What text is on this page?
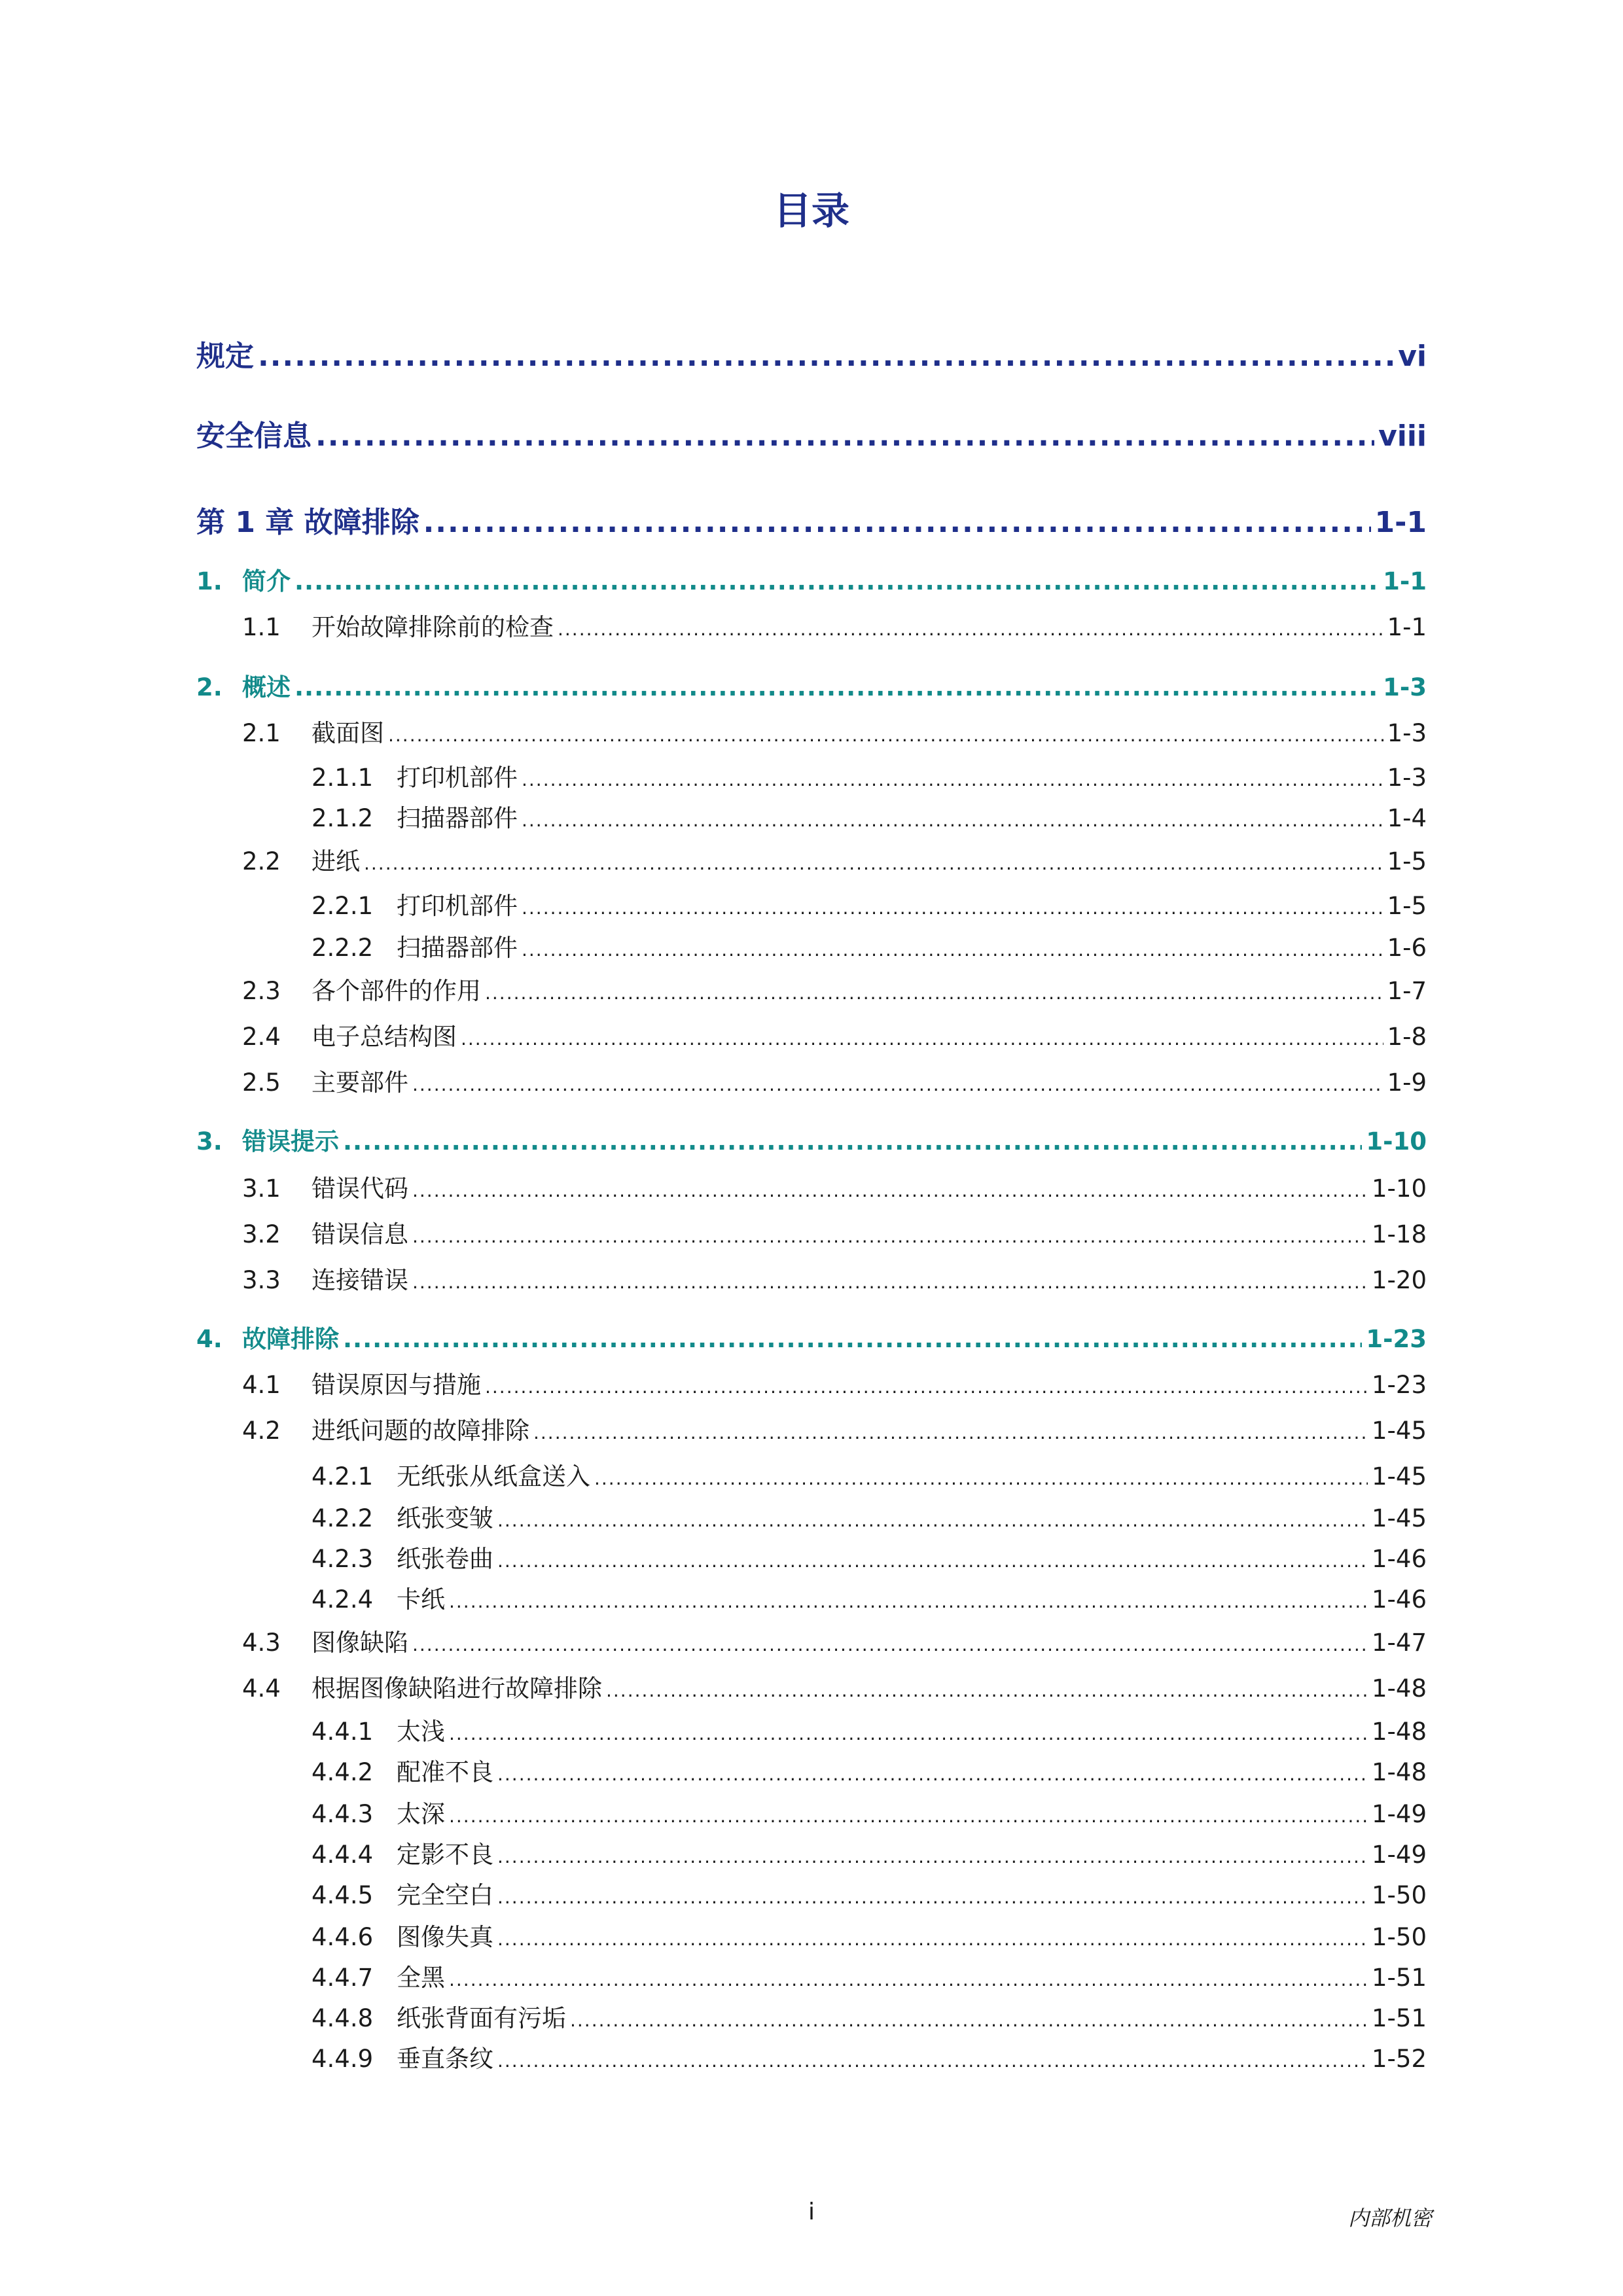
目录
规定 .....	vi
安全信息 .....	viii
第 1 章 故障排除 .....	1-1
1. 简介 .....	1-1
1.1	开始故障排除前的检查 .....	1-1
2. 概述 .....	1-3
2.1	截面图 .....	1-3
2.1.1 打印机部件 .....	1-3
2.1.2 扫描器部件 .....	1-4
2.2	进纸 .....	1-5
2.2.1 打印机部件 .....	1-5
2.2.2 扫描器部件 .....	1-6
2.3	各个部件的作用 .....	1-7
2.4	电子总结构图 .....	1-8
2.5	主要部件 .....	1-9
3. 错误提示 .....	1-10
3.1	错误代码 .....	1-10
3.2	错误信息 .....	1-18
3.3	连接错误 .....	1-20
4. 故障排除 .....	1-23
4.1	错误原因与措施 .....	1-23
4.2	进纸问题的故障排除 .....	1-45
4.2.1 无纸张从纸盒送入 .....	1-45
4.2.2 纸张变皱 .....	1-45
4.2.3 纸张卷曲 .....	1-46
4.2.4 卡纸 .....	1-46
4.3	图像缺陷 .....	1-47
4.4	根据图像缺陷进行故障排除 .....	1-48
4.4.1 太浅 .....	1-48
4.4.2 配准不良 .....	1-48
4.4.3 太深 .....	1-49
4.4.4 定影不良 .....	1-49
4.4.5 完全空白 .....	1-50
4.4.6 图像失真 .....	1-50
4.4.7 全黑 .....	1-51
4.4.8 纸张背面有污垢 .....	1-51
4.4.9 垂直条纹 .....	1-52
i	内部机密
